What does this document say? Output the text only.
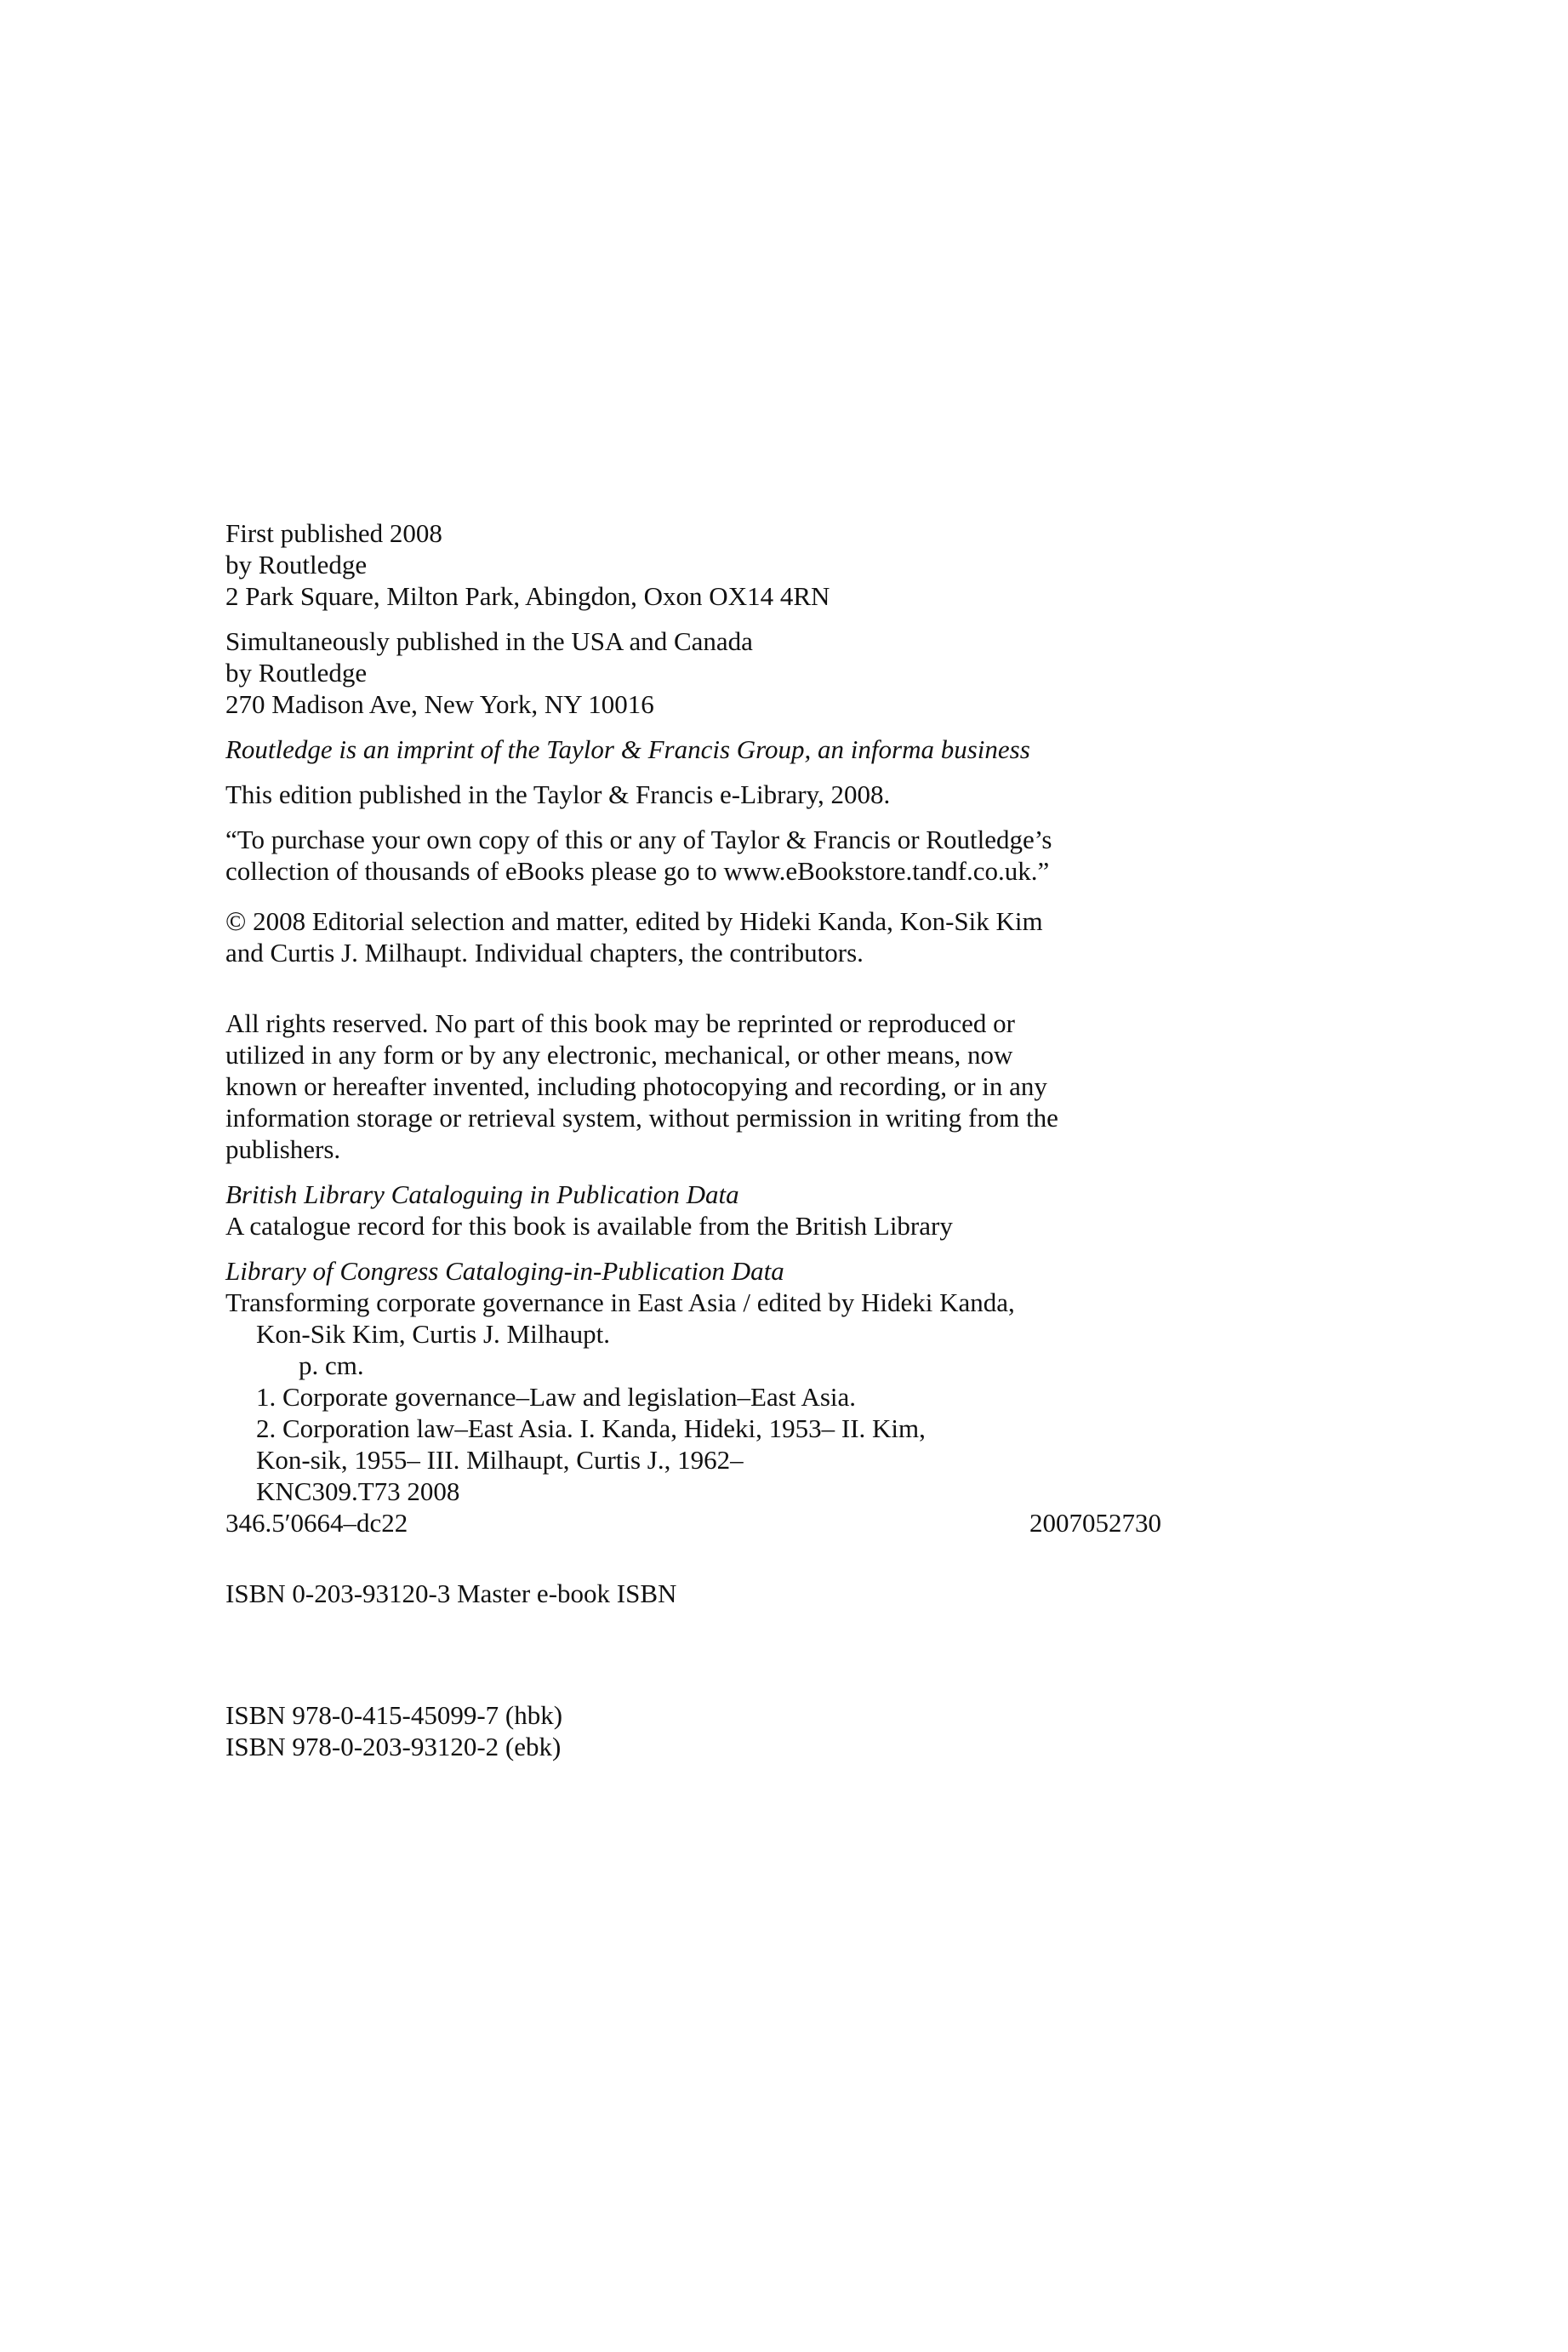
First published 2008
by Routledge
2 Park Square, Milton Park, Abingdon, Oxon OX14 4RN
Simultaneously published in the USA and Canada
by Routledge
270 Madison Ave, New York, NY 10016
Routledge is an imprint of the Taylor & Francis Group, an informa business
This edition published in the Taylor & Francis e-Library, 2008.
“To purchase your own copy of this or any of Taylor & Francis or Routledge’s
collection of thousands of eBooks please go to www.eBookstore.tandf.co.uk.”
© 2008 Editorial selection and matter, edited by Hideki Kanda, Kon-Sik Kim
and Curtis J. Milhaupt. Individual chapters, the contributors.
All rights reserved. No part of this book may be reprinted or reproduced or
utilized in any form or by any electronic, mechanical, or other means, now
known or hereafter invented, including photocopying and recording, or in any
information storage or retrieval system, without permission in writing from the
publishers.
British Library Cataloguing in Publication Data
A catalogue record for this book is available from the British Library
Library of Congress Cataloging-in-Publication Data
Transforming corporate governance in East Asia / edited by Hideki Kanda,
Kon-Sik Kim, Curtis J. Milhaupt.
p. cm.
1. Corporate governance–Law and legislation–East Asia.
2. Corporation law–East Asia. I. Kanda, Hideki, 1953– II. Kim,
Kon-sik, 1955– III. Milhaupt, Curtis J., 1962–
KNC309.T73 2008
346.5′0664–dc22	2007052730
ISBN 0-203-93120-3 Master e-book ISBN
ISBN 978-0-415-45099-7 (hbk)
ISBN 978-0-203-93120-2 (ebk)
